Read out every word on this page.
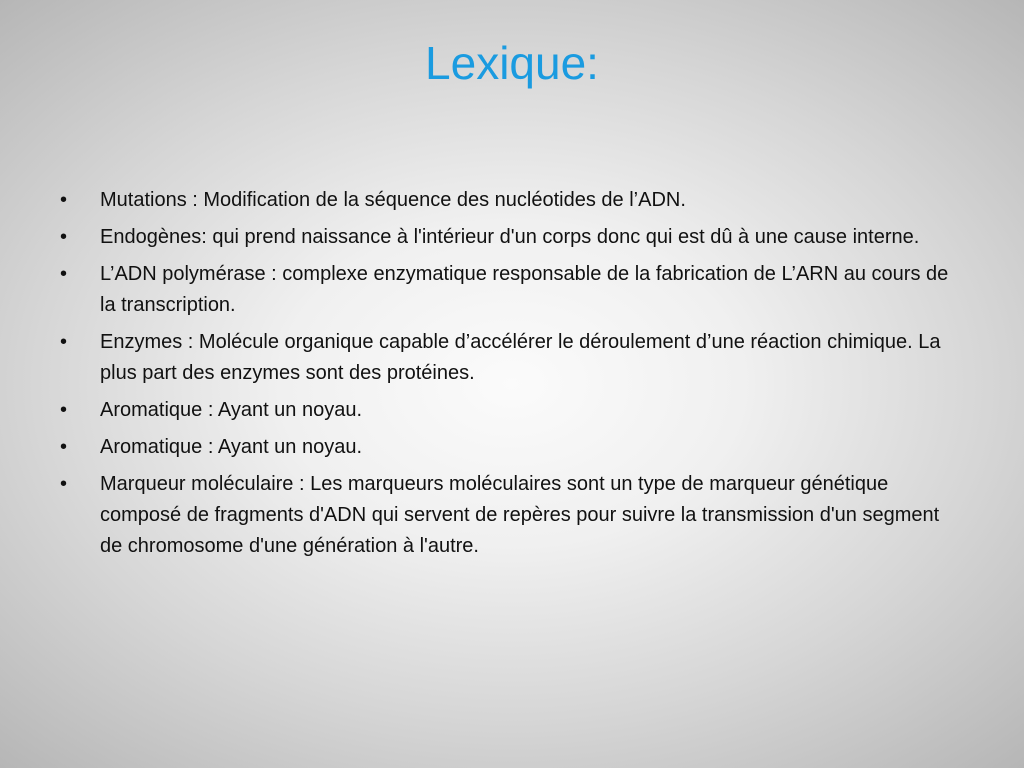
Lexique:
• Mutations : Modification de la séquence des nucléotides de l’ADN.
• Endogènes: qui prend naissance à l'intérieur d'un corps donc qui est dû à une cause interne.
• L’ADN polymérase : complexe enzymatique responsable de la fabrication de L’ARN au cours de la transcription.
• Enzymes : Molécule organique capable d’accélérer le déroulement d’une réaction chimique. La plus part des enzymes sont des protéines.
• Aromatique : Ayant un noyau.
• Aromatique : Ayant un noyau.
• Marqueur moléculaire : Les marqueurs moléculaires sont un type de marqueur génétique composé de fragments d'ADN qui servent de repères pour suivre la transmission d'un segment de chromosome d'une génération à l'autre.
